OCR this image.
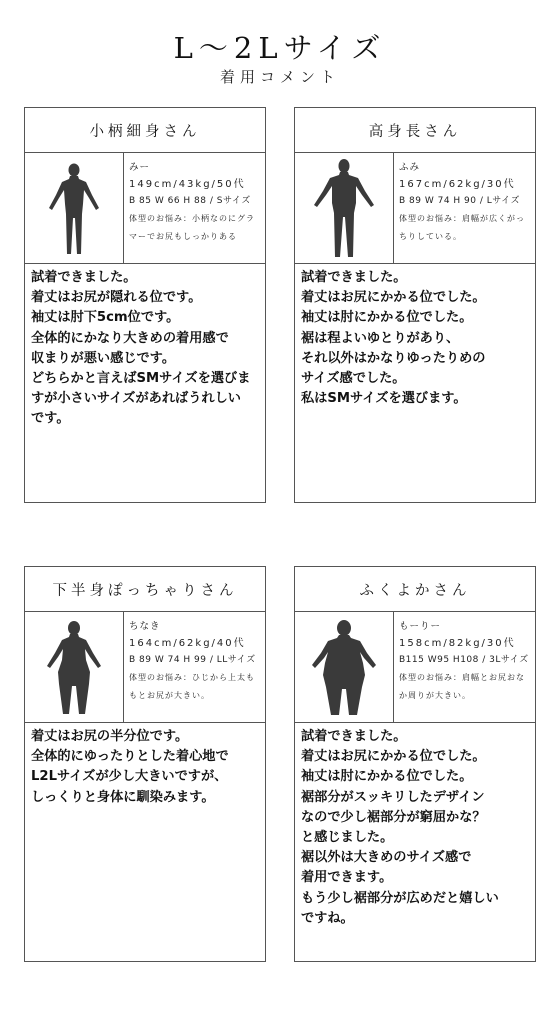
L～2Lサイズ
着用コメント
小柄細身さん
みー
149cm/43kg/50代
B 85 W 66 H 88 / Sサイズ
体型のお悩み：小柄なのにグラマーでお尻もしっかりある
試着できました。
着丈はお尻が隠れる位です。
袖丈は肘下5cm位です。
全体的にかなり大きめの着用感で
収まりが悪い感じです。
どちらかと言えばSMサイズを選びま
すが小さいサイズがあればうれしい
です。
高身長さん
ふみ
167cm/62kg/30代
B 89 W 74 H 90 / Lサイズ
体型のお悩み：肩幅が広くがっちりしている。
試着できました。
着丈はお尻にかかる位でした。
袖丈は肘にかかる位でした。
裾は程よいゆとりがあり、
それ以外はかなりゆったりめの
サイズ感でした。
私はSMサイズを選びます。
下半身ぽっちゃりさん
ちなき
164cm/62kg/40代
B 89 W 74 H 99 / LLサイズ
体型のお悩み：ひじから上太ももとお尻が大きい。
着丈はお尻の半分位です。
全体的にゆったりとした着心地で
L2Lサイズが少し大きいですが、
しっくりと身体に馴染みます。
ふくよかさん
もーりー
158cm/82kg/30代
B115 W95 H108 / 3Lサイズ
体型のお悩み：肩幅とお尻おなか周りが大きい。
試着できました。
着丈はお尻にかかる位でした。
袖丈は肘にかかる位でした。
裾部分がスッキリしたデザイン
なので少し裾部分が窮屈かな？
と感じました。
裾以外は大きめのサイズ感で
着用できます。
もう少し裾部分が広めだと嬉しい
ですね。
